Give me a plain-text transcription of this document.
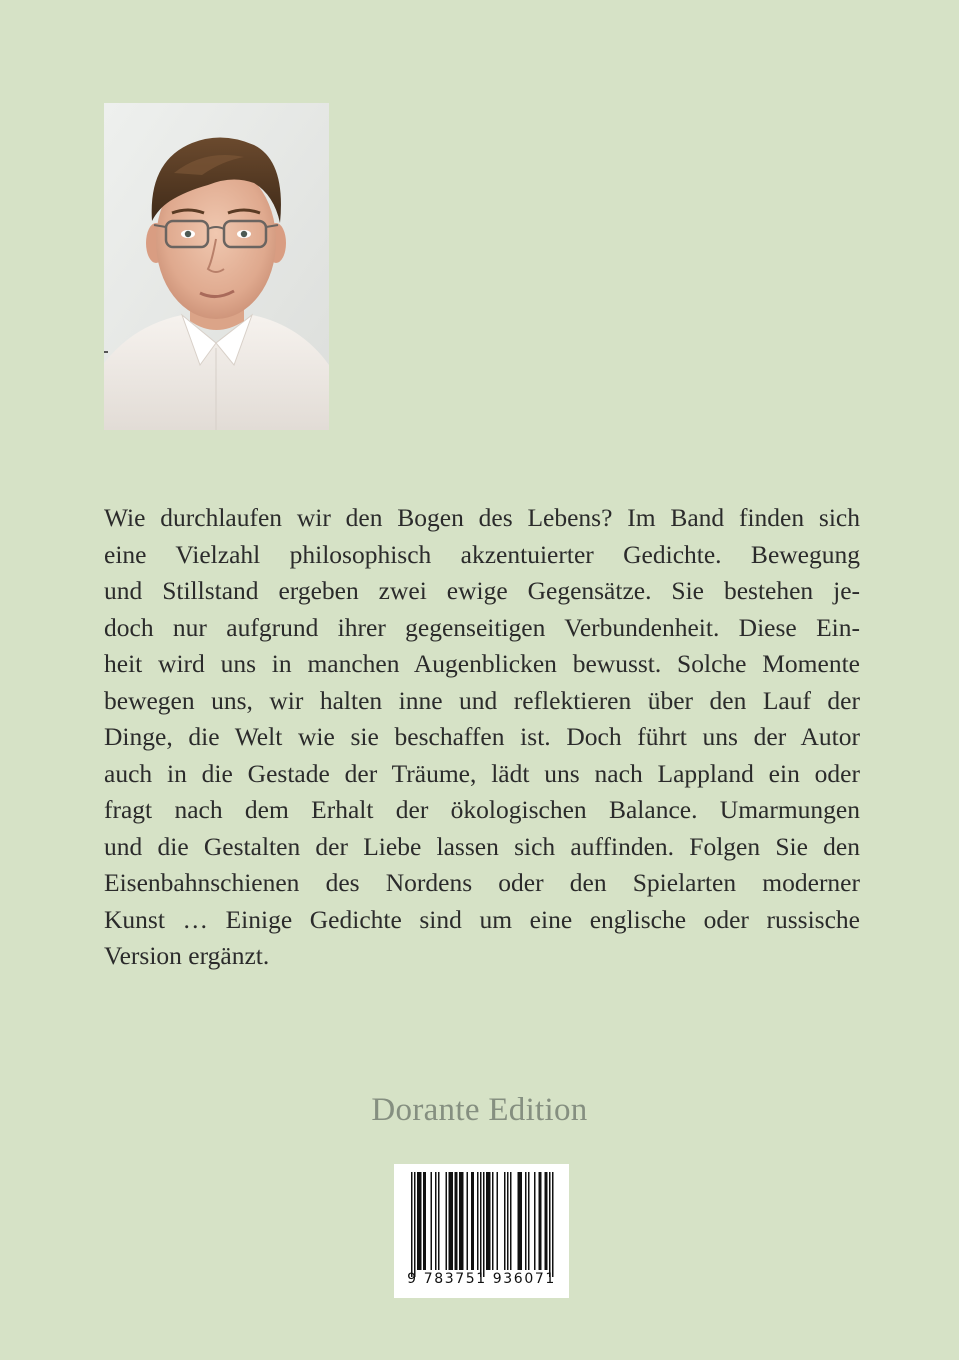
Wie durchlaufen wir den Bogen des Lebens? Im Band finden sich
eine Vielzahl philosophisch akzentuierter Gedichte. Bewegung
und Stillstand ergeben zwei ewige Gegensätze. Sie bestehen je-
doch nur aufgrund ihrer gegenseitigen Verbundenheit. Diese Ein-
heit wird uns in manchen Augenblicken bewusst. Solche Momente
bewegen uns, wir halten inne und reflektieren über den Lauf der
Dinge, die Welt wie sie beschaffen ist. Doch führt uns der Autor
auch in die Gestade der Träume, lädt uns nach Lappland ein oder
fragt nach dem Erhalt der ökologischen Balance. Umarmungen
und die Gestalten der Liebe lassen sich auffinden. Folgen Sie den
Eisenbahnschienen des Nordens oder den Spielarten moderner
Kunst … Einige Gedichte sind um eine englische oder russische
Version ergänzt.
Dorante Edition
9 783751 936071
